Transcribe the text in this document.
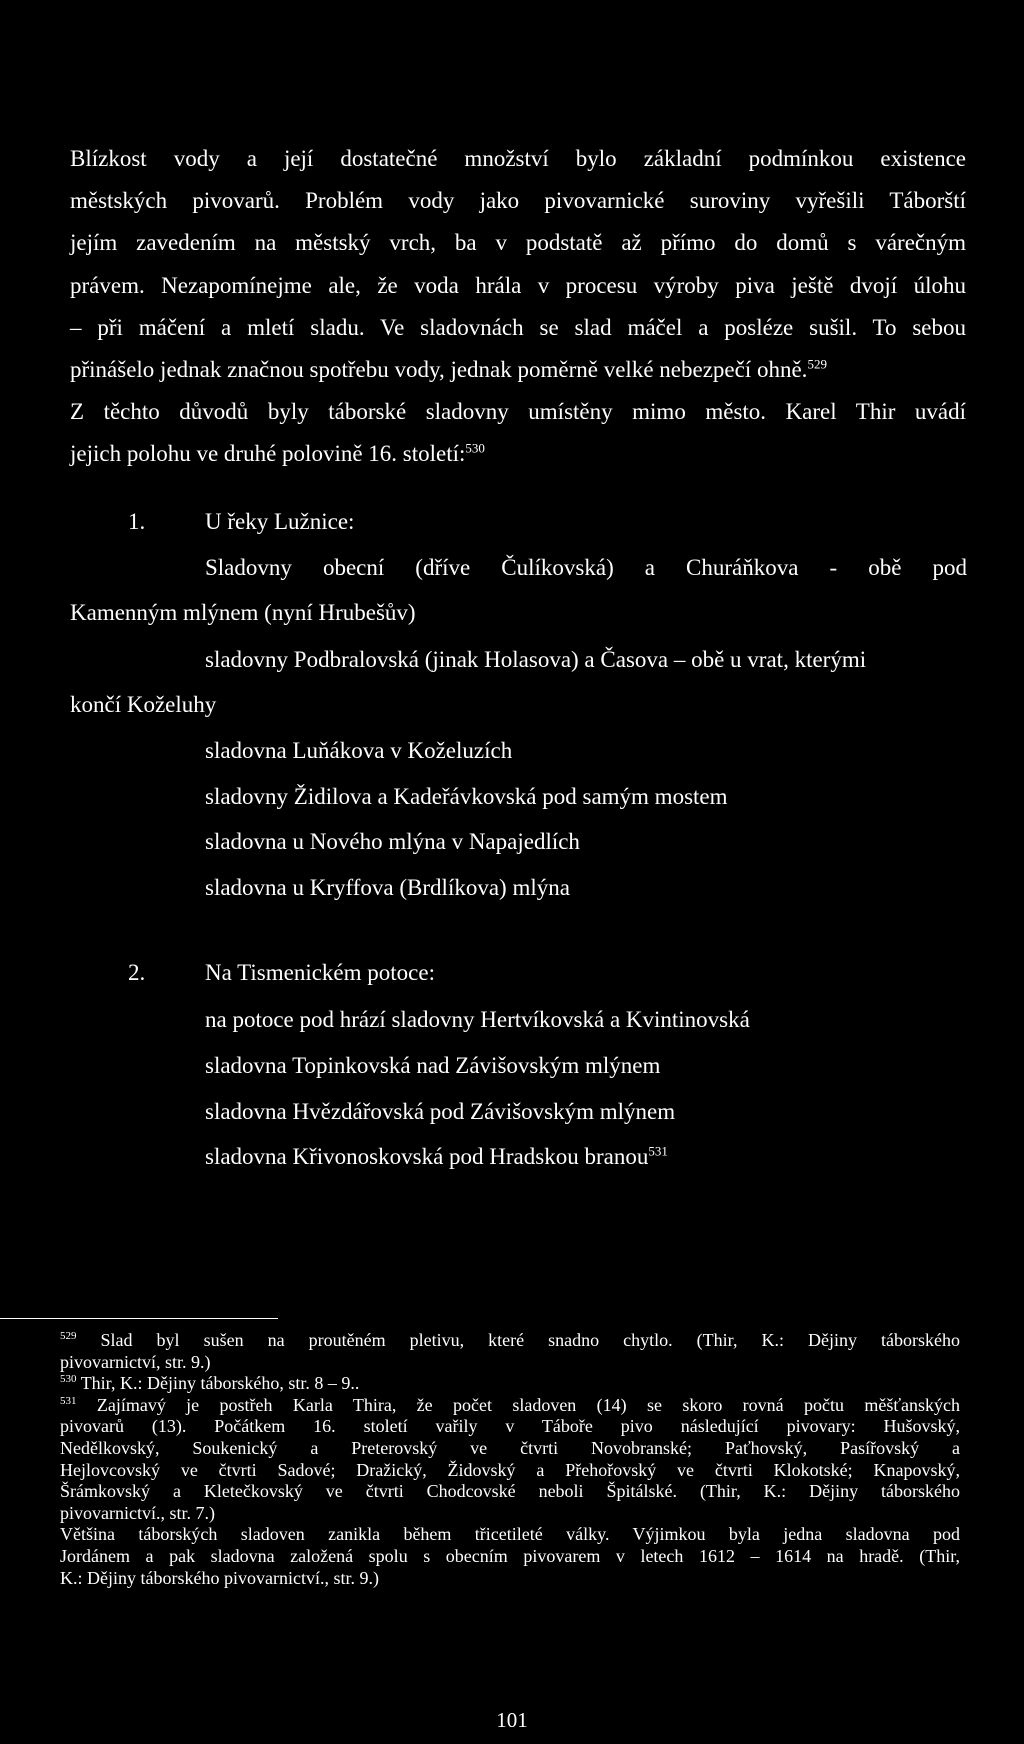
Blízkost vody a její dostatečné množství bylo základní podmínkou existence
městských pivovarů. Problém vody jako pivovarnické suroviny vyřešili Táborští
jejím zavedením na městský vrch, ba v podstatě až přímo do domů s várečným
právem. Nezapomínejme ale, že voda hrála v procesu výroby piva ještě dvojí úlohu
– při máčení a mletí sladu. Ve sladovnách se slad máčel a posléze sušil. To sebou
přinášelo jednak značnou spotřebu vody, jednak poměrně velké nebezpečí ohně.$^{529}$
Z těchto důvodů byly táborské sladovny umístěny mimo město. Karel Thir uvádí
jejich polohu ve druhé polovině 16. století:$^{530}$
1.	U řeky Lužnice:
Sladovny obecní (dříve Čulíkovská) a Churáňkova - obě pod
Kamenným mlýnem (nyní Hrubešův)
sladovny Podbralovská (jinak Holasova) a Časova – obě u vrat, kterými
končí Koželuhy
sladovna Luňákova v Koželuzích
sladovny Židilova a Kadeřávkovská pod samým mostem
sladovna u Nového mlýna v Napajedlích
sladovna u Kryffova (Brdlíkova) mlýna
2.	Na Tismenickém potoce:
na potoce pod hrází sladovny Hertvíkovská a Kvintinovská
sladovna Topinkovská nad Závišovským mlýnem
sladovna Hvězdářovská pod Závišovským mlýnem
sladovna Křivonoskovská pod Hradskou branou$^{531}$
$^{529}$ Slad byl sušen na proutěném pletivu, které snadno chytlo. (Thir, K.: Dějiny táborského
pivovarnictví, str. 9.)
$^{530}$ Thir, K.: Dějiny táborského, str. 8 – 9..
$^{531}$ Zajímavý je postřeh Karla Thira, že počet sladoven (14) se skoro rovná počtu měšťanských
pivovarů (13). Počátkem 16. století vařily v Táboře pivo následující pivovary: Hušovský,
Nedělkovský, Soukenický a Preterovský ve čtvrti Novobranské; Paťhovský, Pasířovský a
Hejlovcovský ve čtvrti Sadové; Dražický, Židovský a Přehořovský ve čtvrti Klokotské; Knapovský,
Šrámkovský a Kletečkovský ve čtvrti Chodcovské neboli Špitálské. (Thir, K.: Dějiny táborského
pivovarnictví., str. 7.)
Většina táborských sladoven zanikla během třicetileté války. Výjimkou byla jedna sladovna pod
Jordánem a pak sladovna založená spolu s obecním pivovarem v letech 1612 – 1614 na hradě. (Thir,
K.: Dějiny táborského pivovarnictví., str. 9.)
101
